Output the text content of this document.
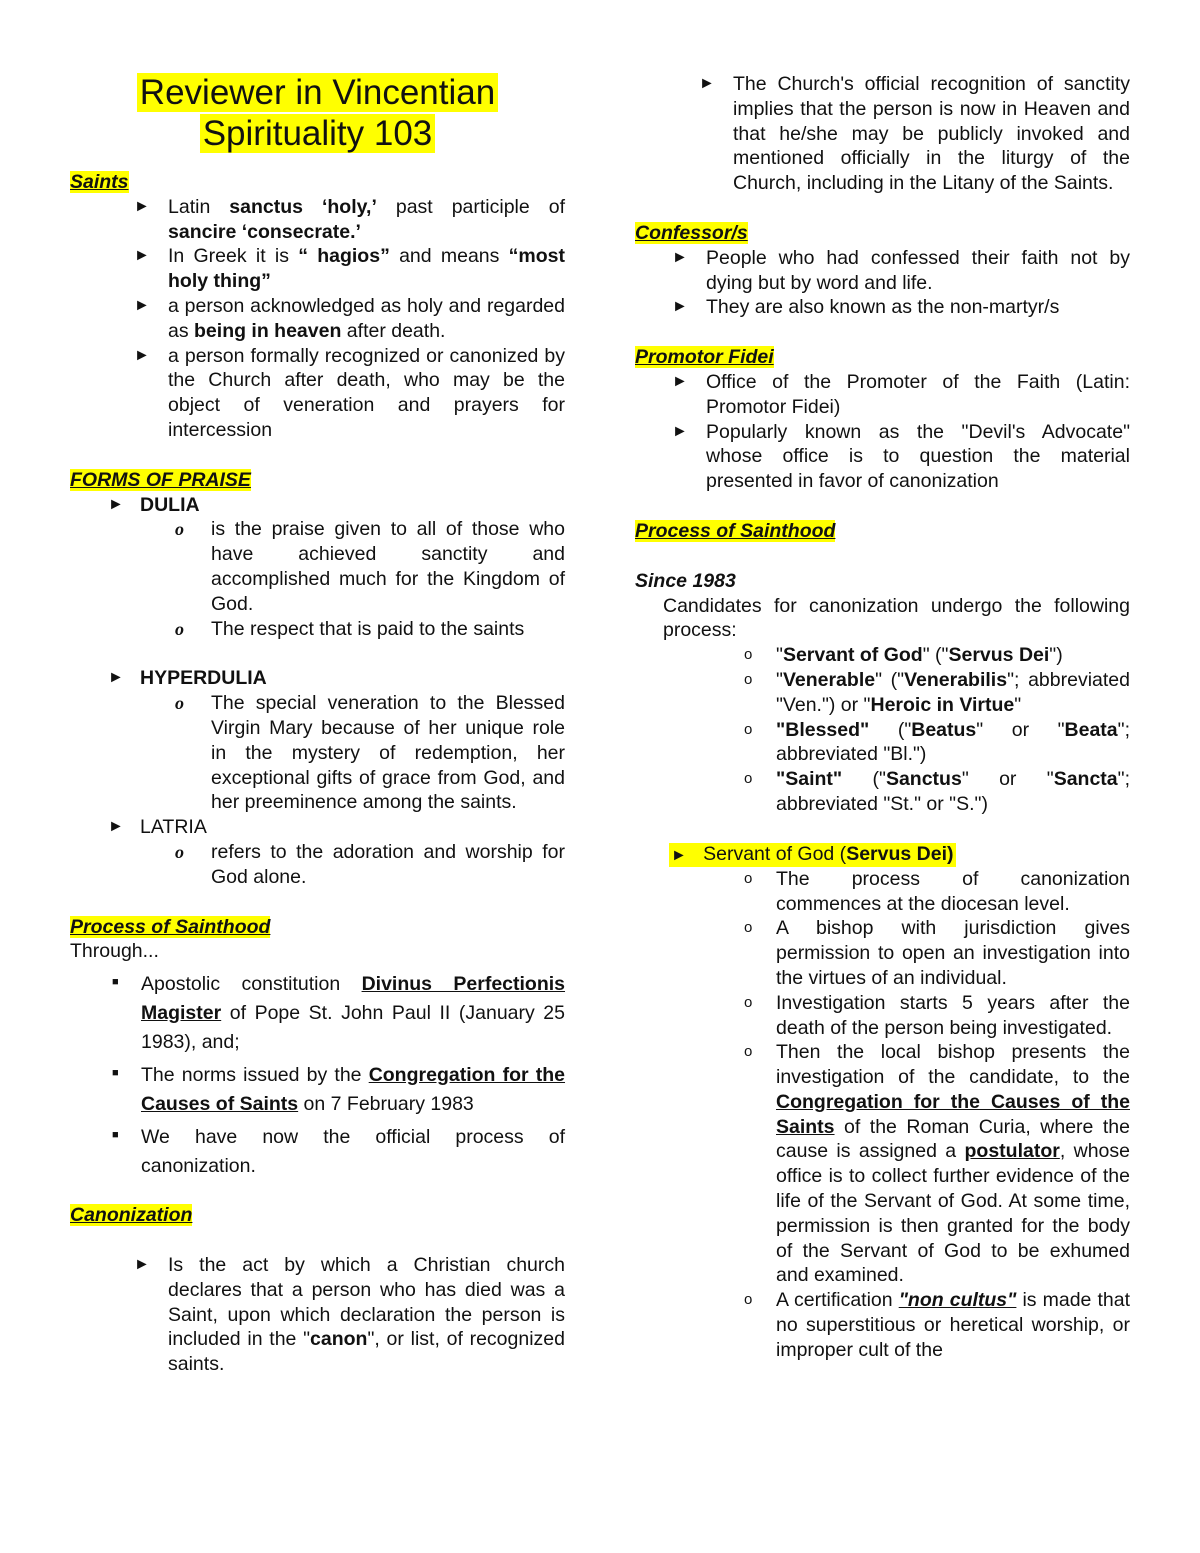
Reviewer in Vincentian
Spirituality 103
Saints
► Latin sanctus ‘holy,’ past participle of sancire ‘consecrate.’
► In Greek it is “ hagios” and means “most holy thing”
► a person acknowledged as holy and regarded as being in heaven after death.
► a person formally recognized or canonized by the Church after death, who may be the object of veneration and prayers for intercession
FORMS OF PRAISE
► DULIA
o is the praise given to all of those who have achieved sanctity and accomplished much for the Kingdom of God.
o The respect that is paid to the saints
► HYPERDULIA
o The special veneration to the Blessed Virgin Mary because of her unique role in the mystery of redemption, her exceptional gifts of grace from God, and her preeminence among the saints.
► LATRIA
o refers to the adoration and worship for God alone.
Process of Sainthood
Through...
■ Apostolic constitution Divinus Perfectionis Magister of Pope St. John Paul II (January 25 1983), and;
■ The norms issued by the Congregation for the Causes of Saints on 7 February 1983
■ We have now the official process of canonization.
Canonization
► Is the act by which a Christian church declares that a person who has died was a Saint, upon which declaration the person is included in the "canon", or list, of recognized saints.
► The Church's official recognition of sanctity implies that the person is now in Heaven and that he/she may be publicly invoked and mentioned officially in the liturgy of the Church, including in the Litany of the Saints.
Confessor/s
► People who had confessed their faith not by dying but by word and life.
► They are also known as the non-martyr/s
Promotor Fidei
► Office of the Promoter of the Faith (Latin: Promotor Fidei)
► Popularly known as the "Devil's Advocate" whose office is to question the material presented in favor of canonization
Process of Sainthood
Since 1983
Candidates for canonization undergo the following process:
o "Servant of God" ("Servus Dei")
o "Venerable" ("Venerabilis"; abbreviated "Ven.") or "Heroic in Virtue"
o "Blessed" ("Beatus" or "Beata"; abbreviated "Bl.")
o "Saint" ("Sanctus" or "Sancta"; abbreviated "St." or "S.")
► Servant of God (Servus Dei)
o The process of canonization commences at the diocesan level.
o A bishop with jurisdiction gives permission to open an investigation into the virtues of an individual.
o Investigation starts 5 years after the death of the person being investigated.
o Then the local bishop presents the investigation of the candidate, to the Congregation for the Causes of the Saints of the Roman Curia, where the cause is assigned a postulator, whose office is to collect further evidence of the life of the Servant of God. At some time, permission is then granted for the body of the Servant of God to be exhumed and examined.
o A certification "non cultus" is made that no superstitious or heretical worship, or improper cult of the
